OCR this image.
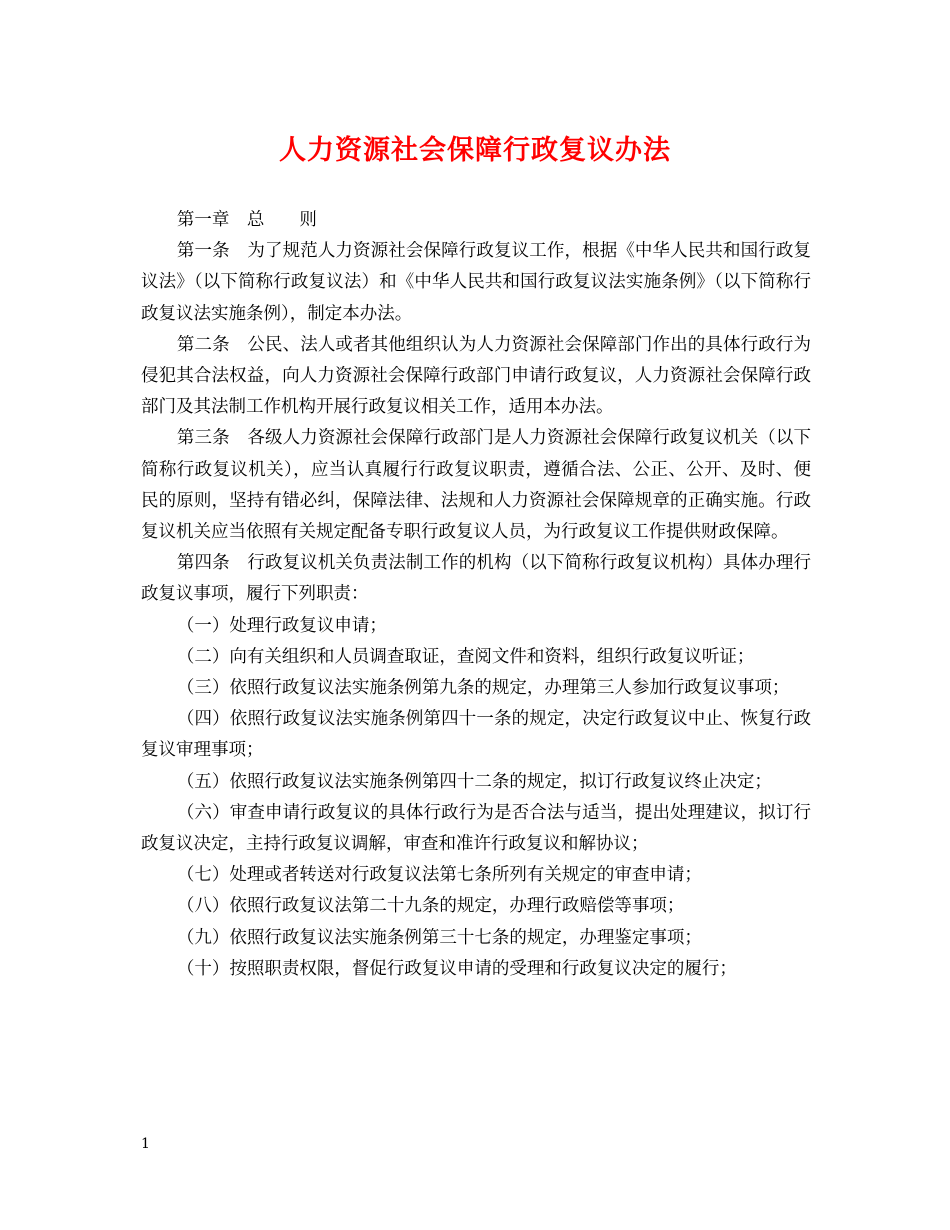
人力资源社会保障行政复议办法

第一章 总 则

第一条　为了规范人力资源社会保障行政复议工作，根据《中华人民共和国行政复议法》（以下简称行政复议法）和《中华人民共和国行政复议法实施条例》（以下简称行政复议法实施条例），制定本办法。

第二条　公民、法人或者其他组织认为人力资源社会保障部门作出的具体行政行为侵犯其合法权益，向人力资源社会保障行政部门申请行政复议，人力资源社会保障行政部门及其法制工作机构开展行政复议相关工作，适用本办法。

第三条　各级人力资源社会保障行政部门是人力资源社会保障行政复议机关（以下简称行政复议机关），应当认真履行行政复议职责，遵循合法、公正、公开、及时、便民的原则，坚持有错必纠，保障法律、法规和人力资源社会保障规章的正确实施。行政复议机关应当依照有关规定配备专职行政复议人员，为行政复议工作提供财政保障。

第四条　行政复议机关负责法制工作的机构（以下简称行政复议机构）具体办理行政复议事项，履行下列职责：

（一）处理行政复议申请；

（二）向有关组织和人员调查取证，查阅文件和资料，组织行政复议听证；

（三）依照行政复议法实施条例第九条的规定，办理第三人参加行政复议事项；

（四）依照行政复议法实施条例第四十一条的规定，决定行政复议中止、恢复行政复议审理事项；

（五）依照行政复议法实施条例第四十二条的规定，拟订行政复议终止决定；

（六）审查申请行政复议的具体行政行为是否合法与适当，提出处理建议，拟订行政复议决定，主持行政复议调解，审查和准许行政复议和解协议；

（七）处理或者转送对行政复议法第七条所列有关规定的审查申请；

（八）依照行政复议法第二十九条的规定，办理行政赔偿等事项；

（九）依照行政复议法实施条例第三十七条的规定，办理鉴定事项；

（十）按照职责权限，督促行政复议申请的受理和行政复议决定的履行；

1
